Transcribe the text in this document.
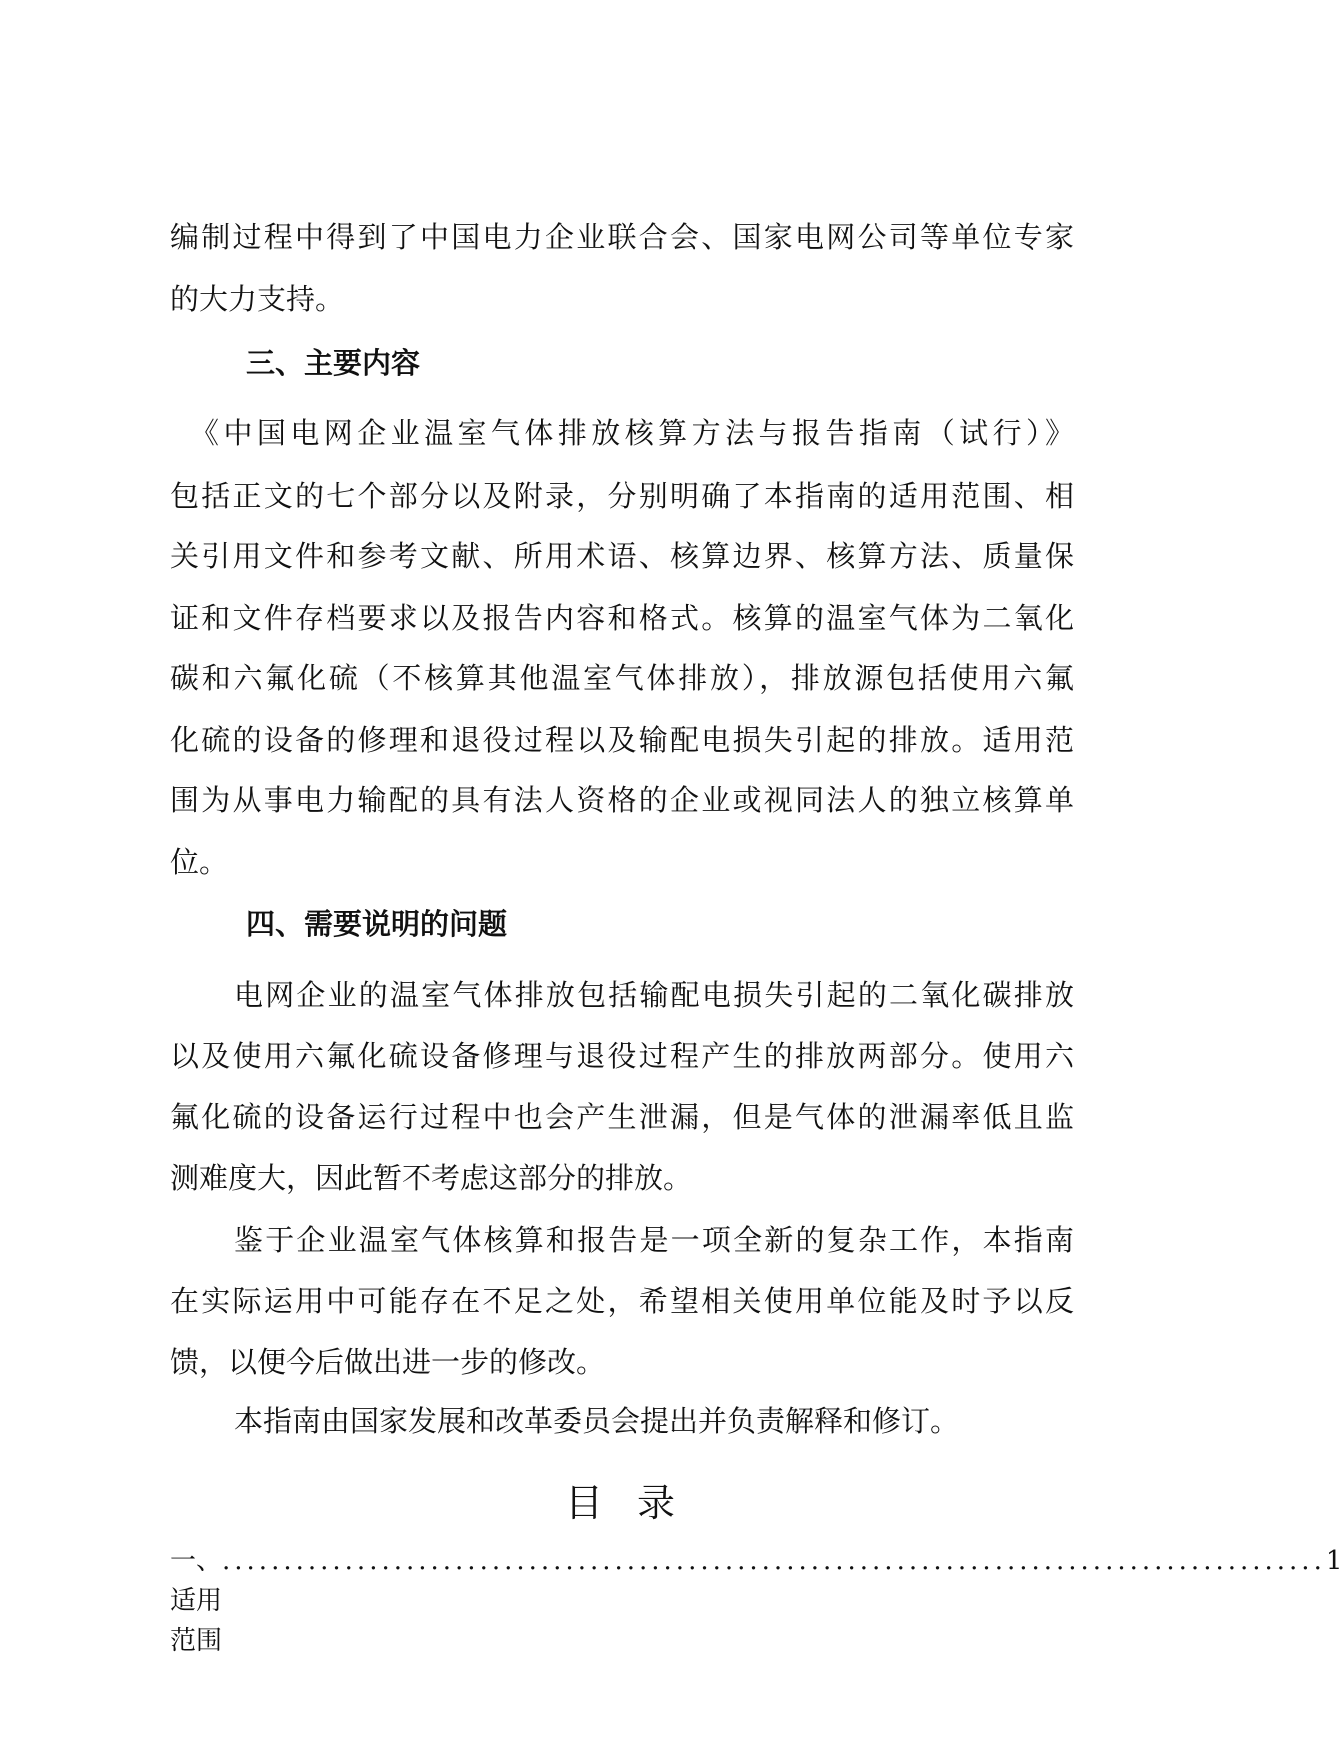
编制过程中得到了中国电力企业联合会、国家电网公司等单位专家
的大力支持。
三、主要内容
《中国电网企业温室气体排放核算方法与报告指南（试行）》
包括正文的七个部分以及附录，分别明确了本指南的适用范围、相
关引用文件和参考文献、所用术语、核算边界、核算方法、质量保
证和文件存档要求以及报告内容和格式。核算的温室气体为二氧化
碳和六氟化硫（不核算其他温室气体排放），排放源包括使用六氟
化硫的设备的修理和退役过程以及输配电损失引起的排放。适用范
围为从事电力输配的具有法人资格的企业或视同法人的独立核算单
位。
四、需要说明的问题
电网企业的温室气体排放包括输配电损失引起的二氧化碳排放
以及使用六氟化硫设备修理与退役过程产生的排放两部分。使用六
氟化硫的设备运行过程中也会产生泄漏，但是气体的泄漏率低且监
测难度大，因此暂不考虑这部分的排放。
鉴于企业温室气体核算和报告是一项全新的复杂工作，本指南
在实际运用中可能存在不足之处，希望相关使用单位能及时予以反
馈，以便今后做出进一步的修改。
本指南由国家发展和改革委员会提出并负责解释和修订。
目录
一、适用范围
.......................................................................................... 1
